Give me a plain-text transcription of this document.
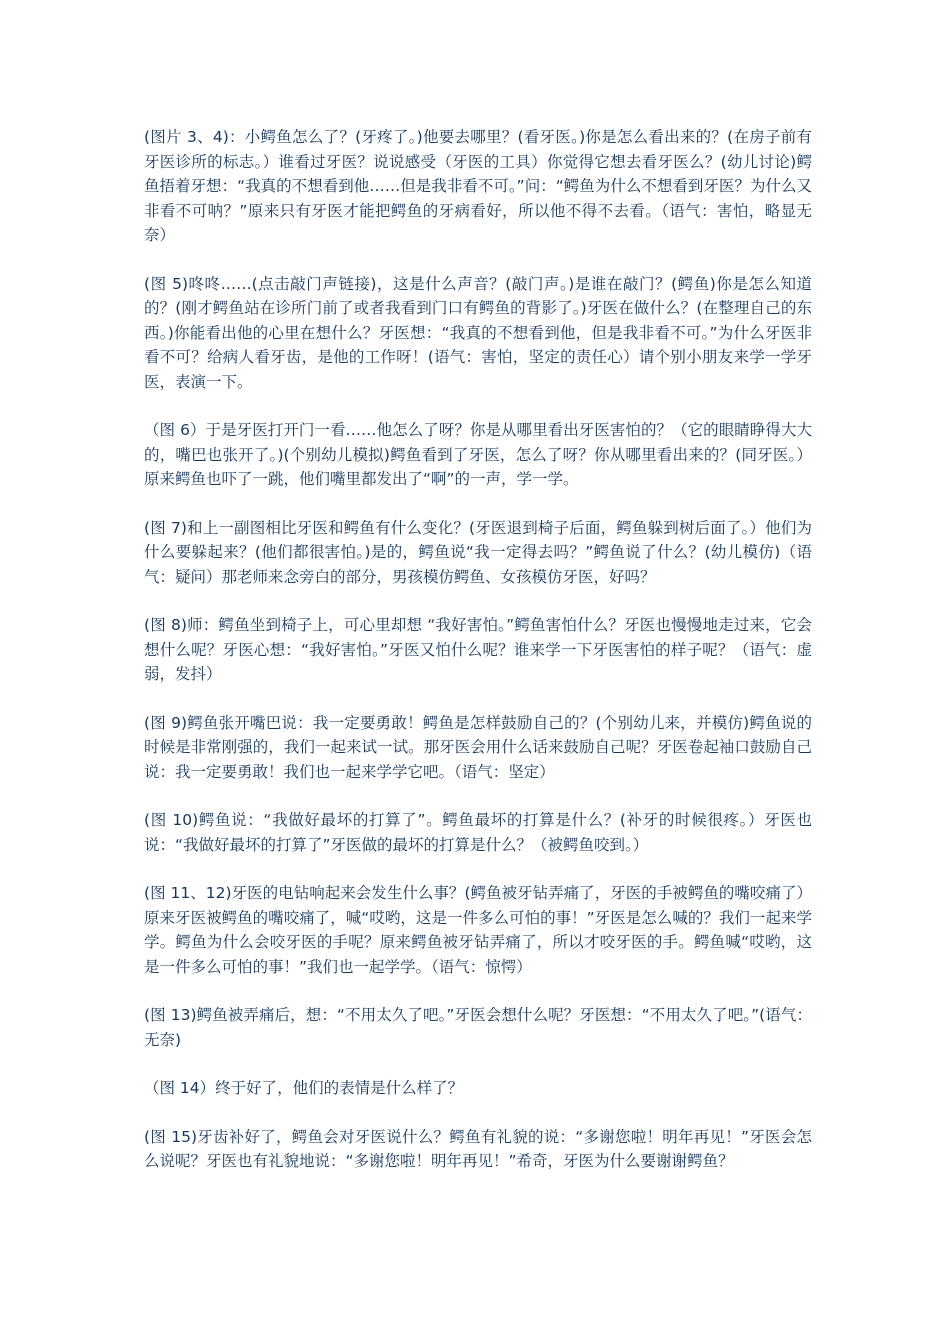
(图片 3、4)：小鳄鱼怎么了？(牙疼了。)他要去哪里？(看牙医。)你是怎么看出来的？(在房子前有牙医诊所的标志。）谁看过牙医？说说感受（牙医的工具）你觉得它想去看牙医么？(幼儿讨论)鳄鱼捂着牙想：“我真的不想看到他……但是我非看不可。”问：“鳄鱼为什么不想看到牙医？为什么又非看不可呐？”原来只有牙医才能把鳄鱼的牙病看好，所以他不得不去看。（语气：害怕，略显无奈）

(图 5)咚咚……(点击敲门声链接)，这是什么声音？(敲门声。)是谁在敲门？(鳄鱼)你是怎么知道的？(刚才鳄鱼站在诊所门前了或者我看到门口有鳄鱼的背影了。)牙医在做什么？(在整理自己的东西。)你能看出他的心里在想什么？牙医想：“我真的不想看到他，但是我非看不可。”为什么牙医非看不可？给病人看牙齿，是他的工作呀！(语气：害怕，坚定的责任心）请个别小朋友来学一学牙医，表演一下。

（图 6）于是牙医打开门一看……他怎么了呀？你是从哪里看出牙医害怕的？（它的眼睛睁得大大的，嘴巴也张开了。)(个别幼儿模拟)鳄鱼看到了牙医，怎么了呀？你从哪里看出来的？(同牙医。）原来鳄鱼也吓了一跳，他们嘴里都发出了“啊”的一声，学一学。

(图 7)和上一副图相比牙医和鳄鱼有什么变化？(牙医退到椅子后面，鳄鱼躲到树后面了。）他们为什么要躲起来？(他们都很害怕。)是的，鳄鱼说“我一定得去吗？”鳄鱼说了什么？(幼儿模仿)（语气：疑问）那老师来念旁白的部分，男孩模仿鳄鱼、女孩模仿牙医，好吗？

(图 8)师：鳄鱼坐到椅子上，可心里却想 “我好害怕。”鳄鱼害怕什么？牙医也慢慢地走过来，它会想什么呢？牙医心想：“我好害怕。”牙医又怕什么呢？谁来学一下牙医害怕的样子呢？（语气：虚弱，发抖）

(图 9)鳄鱼张开嘴巴说：我一定要勇敢！鳄鱼是怎样鼓励自己的？(个别幼儿来，并模仿)鳄鱼说的时候是非常刚强的，我们一起来试一试。那牙医会用什么话来鼓励自己呢？牙医卷起袖口鼓励自己说：我一定要勇敢！我们也一起来学学它吧。（语气：坚定）

(图 10)鳄鱼说：“我做好最坏的打算了”。鳄鱼最坏的打算是什么？(补牙的时候很疼。）牙医也说：“我做好最坏的打算了”牙医做的最坏的打算是什么？（被鳄鱼咬到。）

(图 11、12)牙医的电钻响起来会发生什么事？(鳄鱼被牙钻弄痛了，牙医的手被鳄鱼的嘴咬痛了）原来牙医被鳄鱼的嘴咬痛了，喊“哎哟，这是一件多么可怕的事！”牙医是怎么喊的？我们一起来学学。鳄鱼为什么会咬牙医的手呢？原来鳄鱼被牙钻弄痛了，所以才咬牙医的手。鳄鱼喊“哎哟，这是一件多么可怕的事！”我们也一起学学。（语气：惊愕）

(图 13)鳄鱼被弄痛后，想：“不用太久了吧。”牙医会想什么呢？牙医想：“不用太久了吧。”(语气：无奈)

（图 14）终于好了，他们的表情是什么样了？

(图 15)牙齿补好了，鳄鱼会对牙医说什么？鳄鱼有礼貌的说：“多谢您啦！明年再见！”牙医会怎么说呢？牙医也有礼貌地说：“多谢您啦！明年再见！”希奇，牙医为什么要谢谢鳄鱼？
